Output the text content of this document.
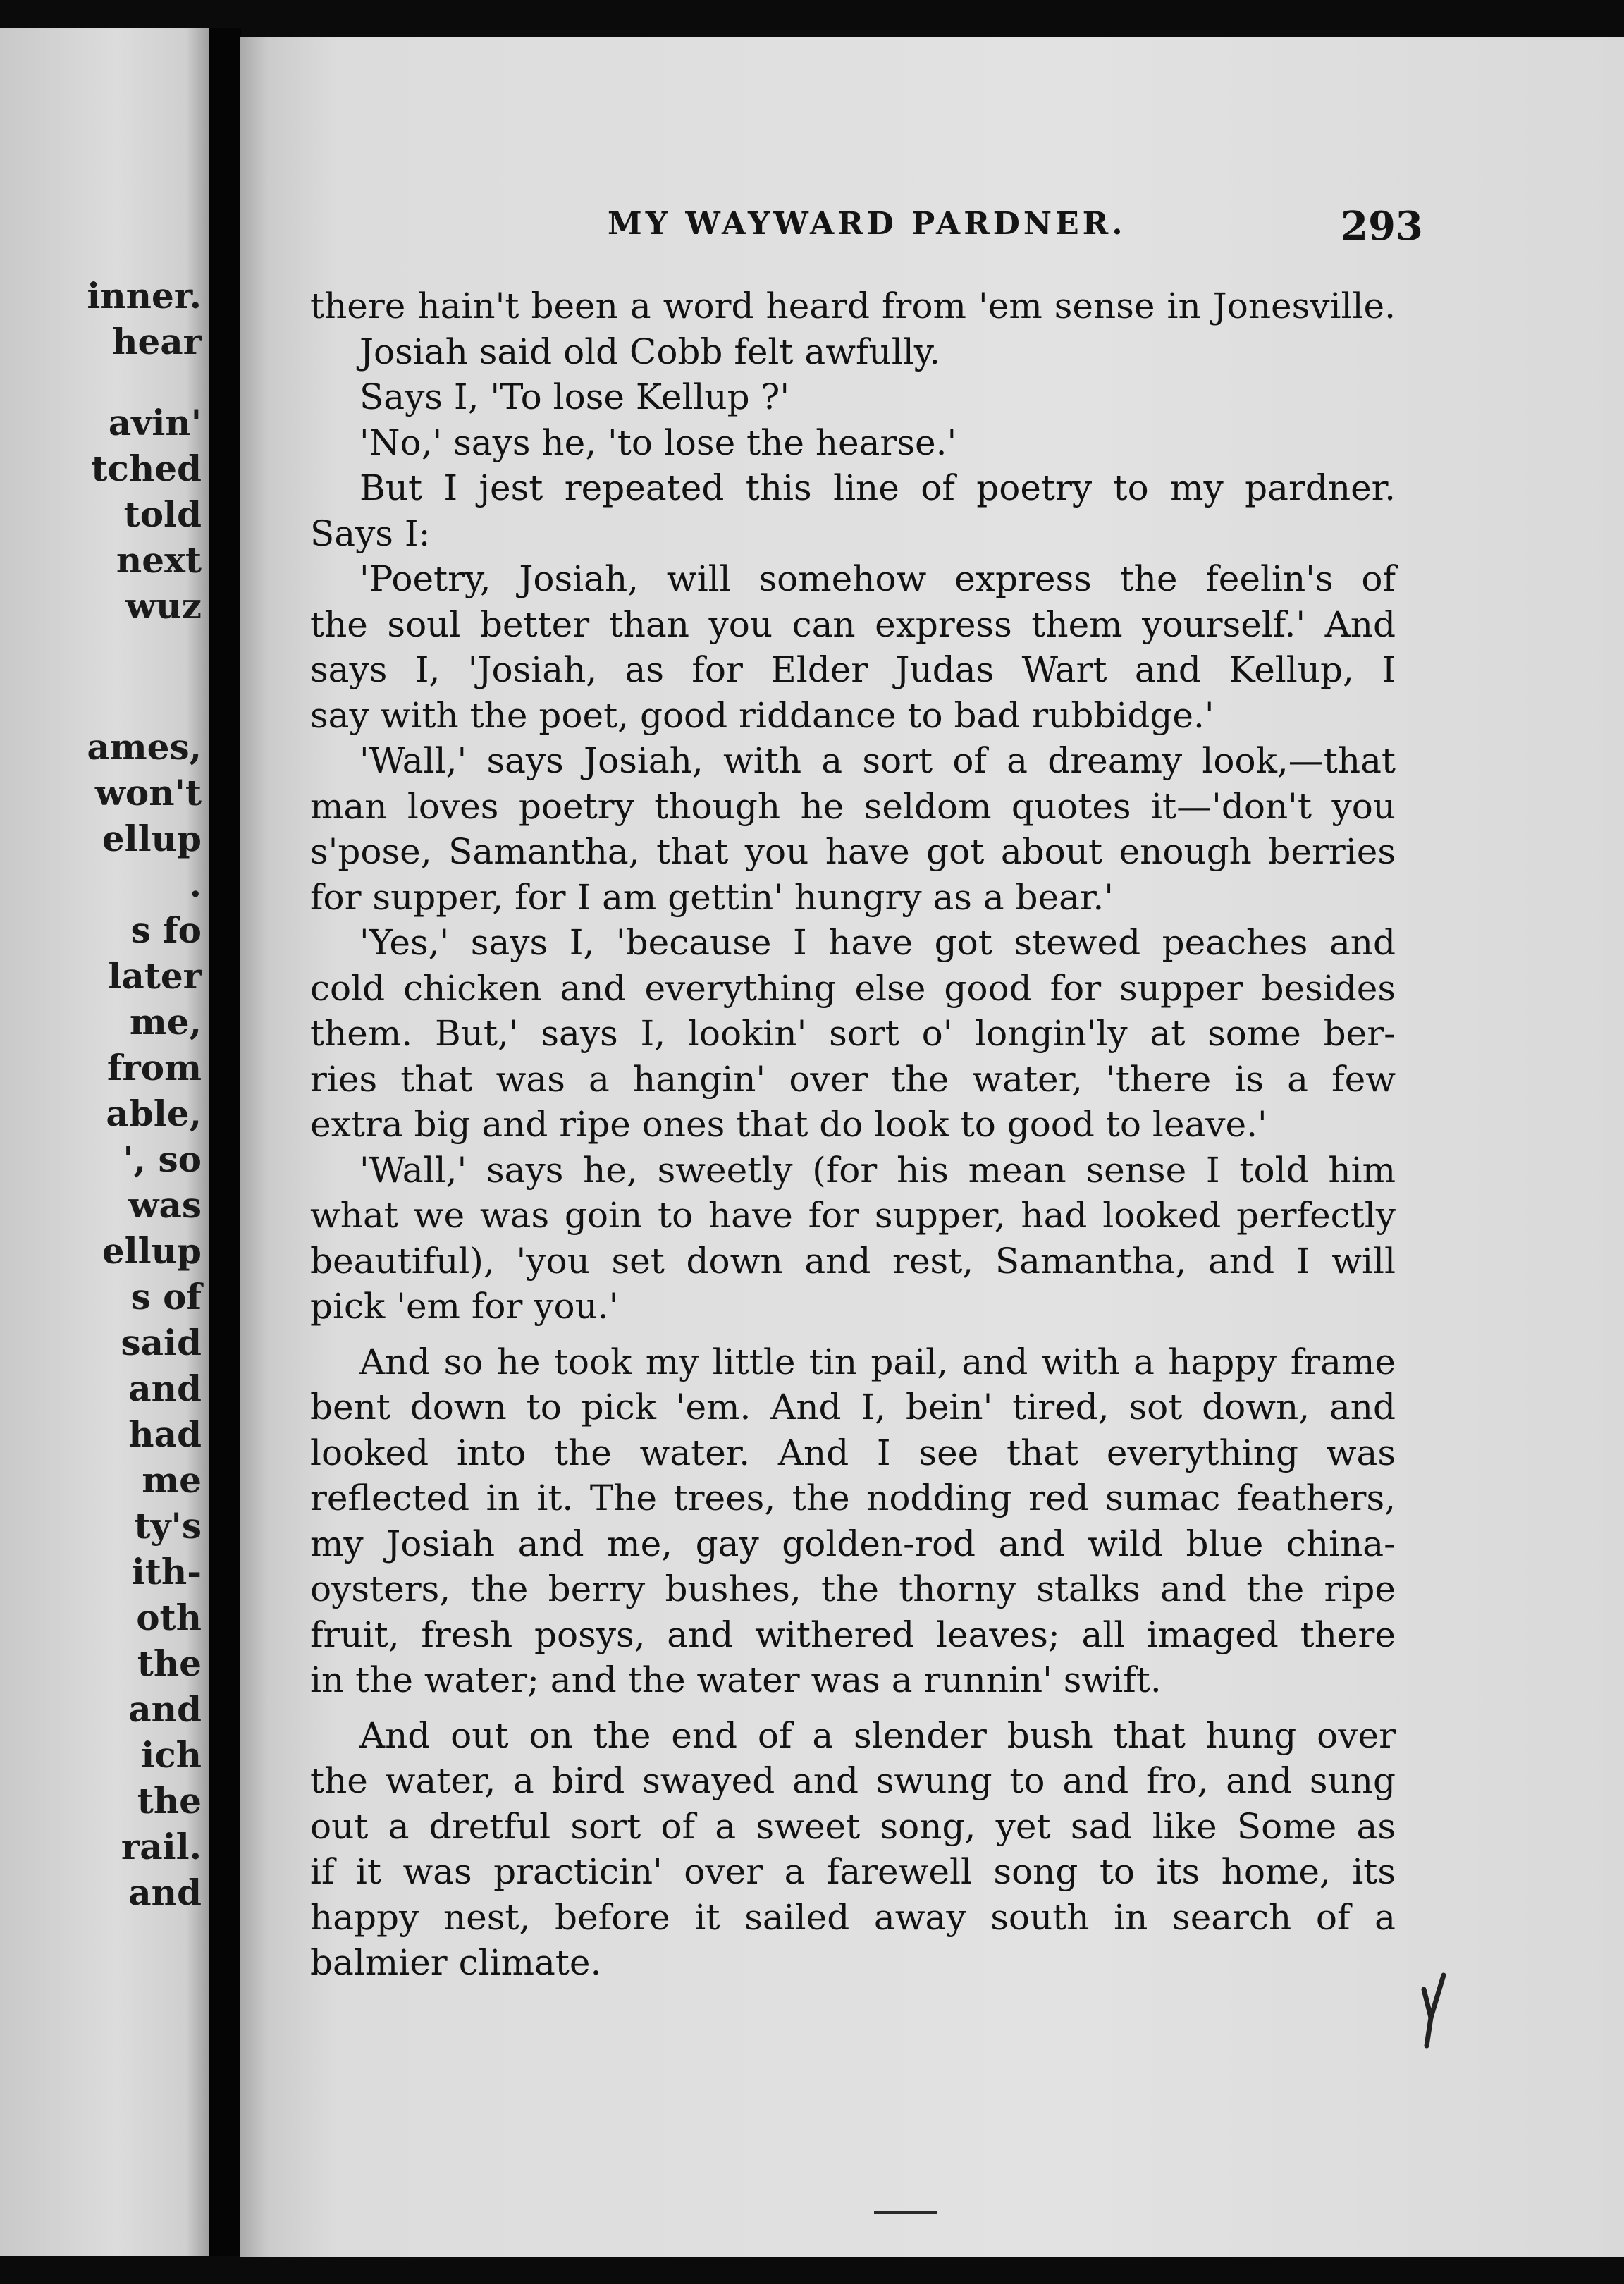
inner.

hear

avin'

tched

told

next

wuz

ames,

won't

ellup

.

s fo

later

me,

from

able,

', so

was

ellup

s of

said

and

had

me

ty's

ith-

oth

the

and

ich

the

rail.

and

MY WAYWARD PARDNER.	293

there hain't been a word heard from 'em sense in Jonesville.

Josiah said old Cobb felt awfully.

Says I, 'To lose Kellup ?'

'No,' says he, 'to lose the hearse.'

But I jest repeated this line of poetry to my pardner.

Says I:

'Poetry, Josiah, will somehow express the feelin's of

the soul better than you can express them yourself.' And

says I, 'Josiah, as for Elder Judas Wart and Kellup, I

say with the poet, good riddance to bad rubbidge.'

'Wall,' says Josiah, with a sort of a dreamy look,—that

man loves poetry though he seldom quotes it—'don't you

s'pose, Samantha, that you have got about enough berries

for supper, for I am gettin' hungry as a bear.'

'Yes,' says I, 'because I have got stewed peaches and

cold chicken and everything else good for supper besides

them. But,' says I, lookin' sort o' longin'ly at some ber-

ries that was a hangin' over the water, 'there is a few

extra big and ripe ones that do look to good to leave.'

'Wall,' says he, sweetly (for his mean sense I told him

what we was goin to have for supper, had looked perfectly

beautiful), 'you set down and rest, Samantha, and I will

pick 'em for you.'

And so he took my little tin pail, and with a happy frame

bent down to pick 'em. And I, bein' tired, sot down, and

looked into the water. And I see that everything was

reflected in it. The trees, the nodding red sumac feathers,

my Josiah and me, gay golden-rod and wild blue china-

oysters, the berry bushes, the thorny stalks and the ripe

fruit, fresh posys, and withered leaves; all imaged there

in the water; and the water was a runnin' swift.

And out on the end of a slender bush that hung over

the water, a bird swayed and swung to and fro, and sung

out a dretful sort of a sweet song, yet sad like Some as

if it was practicin' over a farewell song to its home, its

happy nest, before it sailed away south in search of a

balmier climate.
